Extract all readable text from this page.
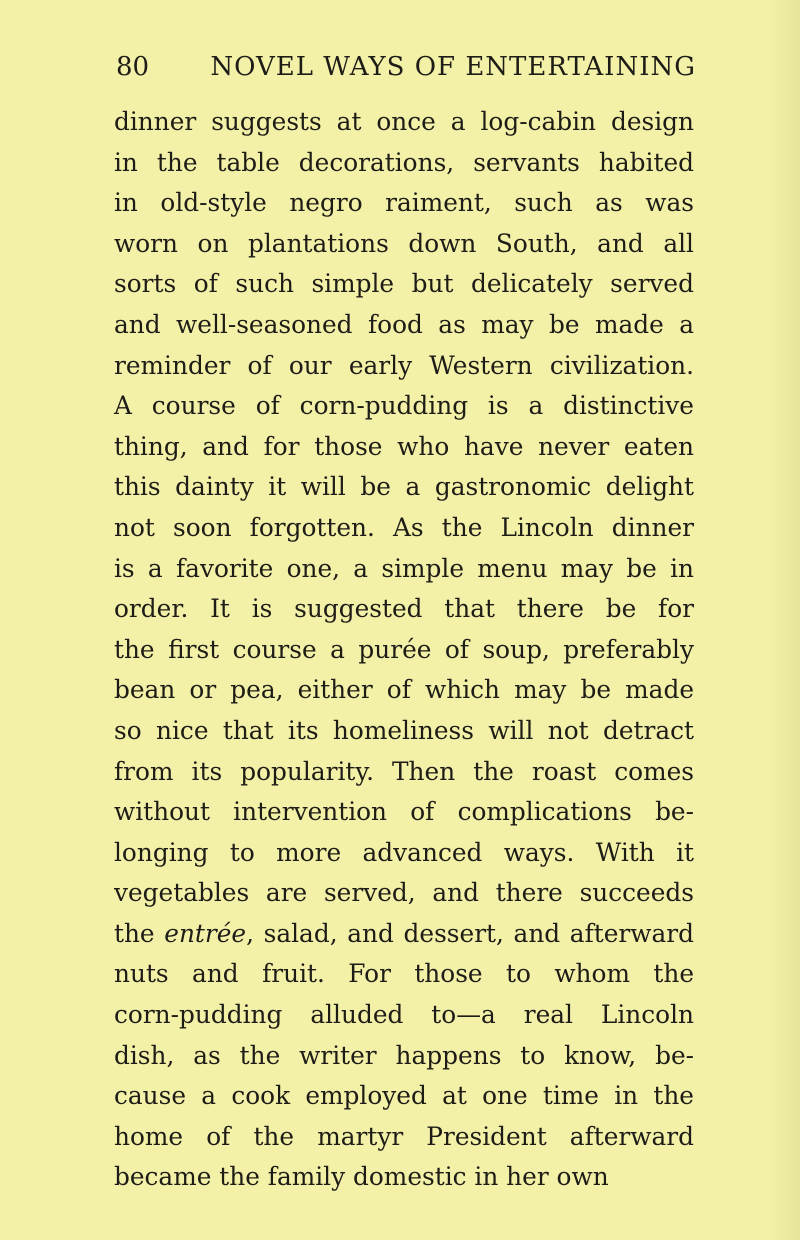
80 NOVEL WAYS OF ENTERTAINING
dinner suggests at once a log-cabin design
in the table decorations, servants habited
in old-style negro raiment, such as was
worn on plantations down South, and all
sorts of such simple but delicately served
and well-seasoned food as may be made a
reminder of our early Western civilization.
A course of corn-pudding is a distinctive
thing, and for those who have never eaten
this dainty it will be a gastronomic delight
not soon forgotten. As the Lincoln dinner
is a favorite one, a simple menu may be in
order. It is suggested that there be for
the first course a purée of soup, preferably
bean or pea, either of which may be made
so nice that its homeliness will not detract
from its popularity. Then the roast comes
without intervention of complications be-
longing to more advanced ways. With it
vegetables are served, and there succeeds
the entrée, salad, and dessert, and afterward
nuts and fruit. For those to whom the
corn-pudding alluded to—a real Lincoln
dish, as the writer happens to know, be-
cause a cook employed at one time in the
home of the martyr President afterward
became the family domestic in her own
